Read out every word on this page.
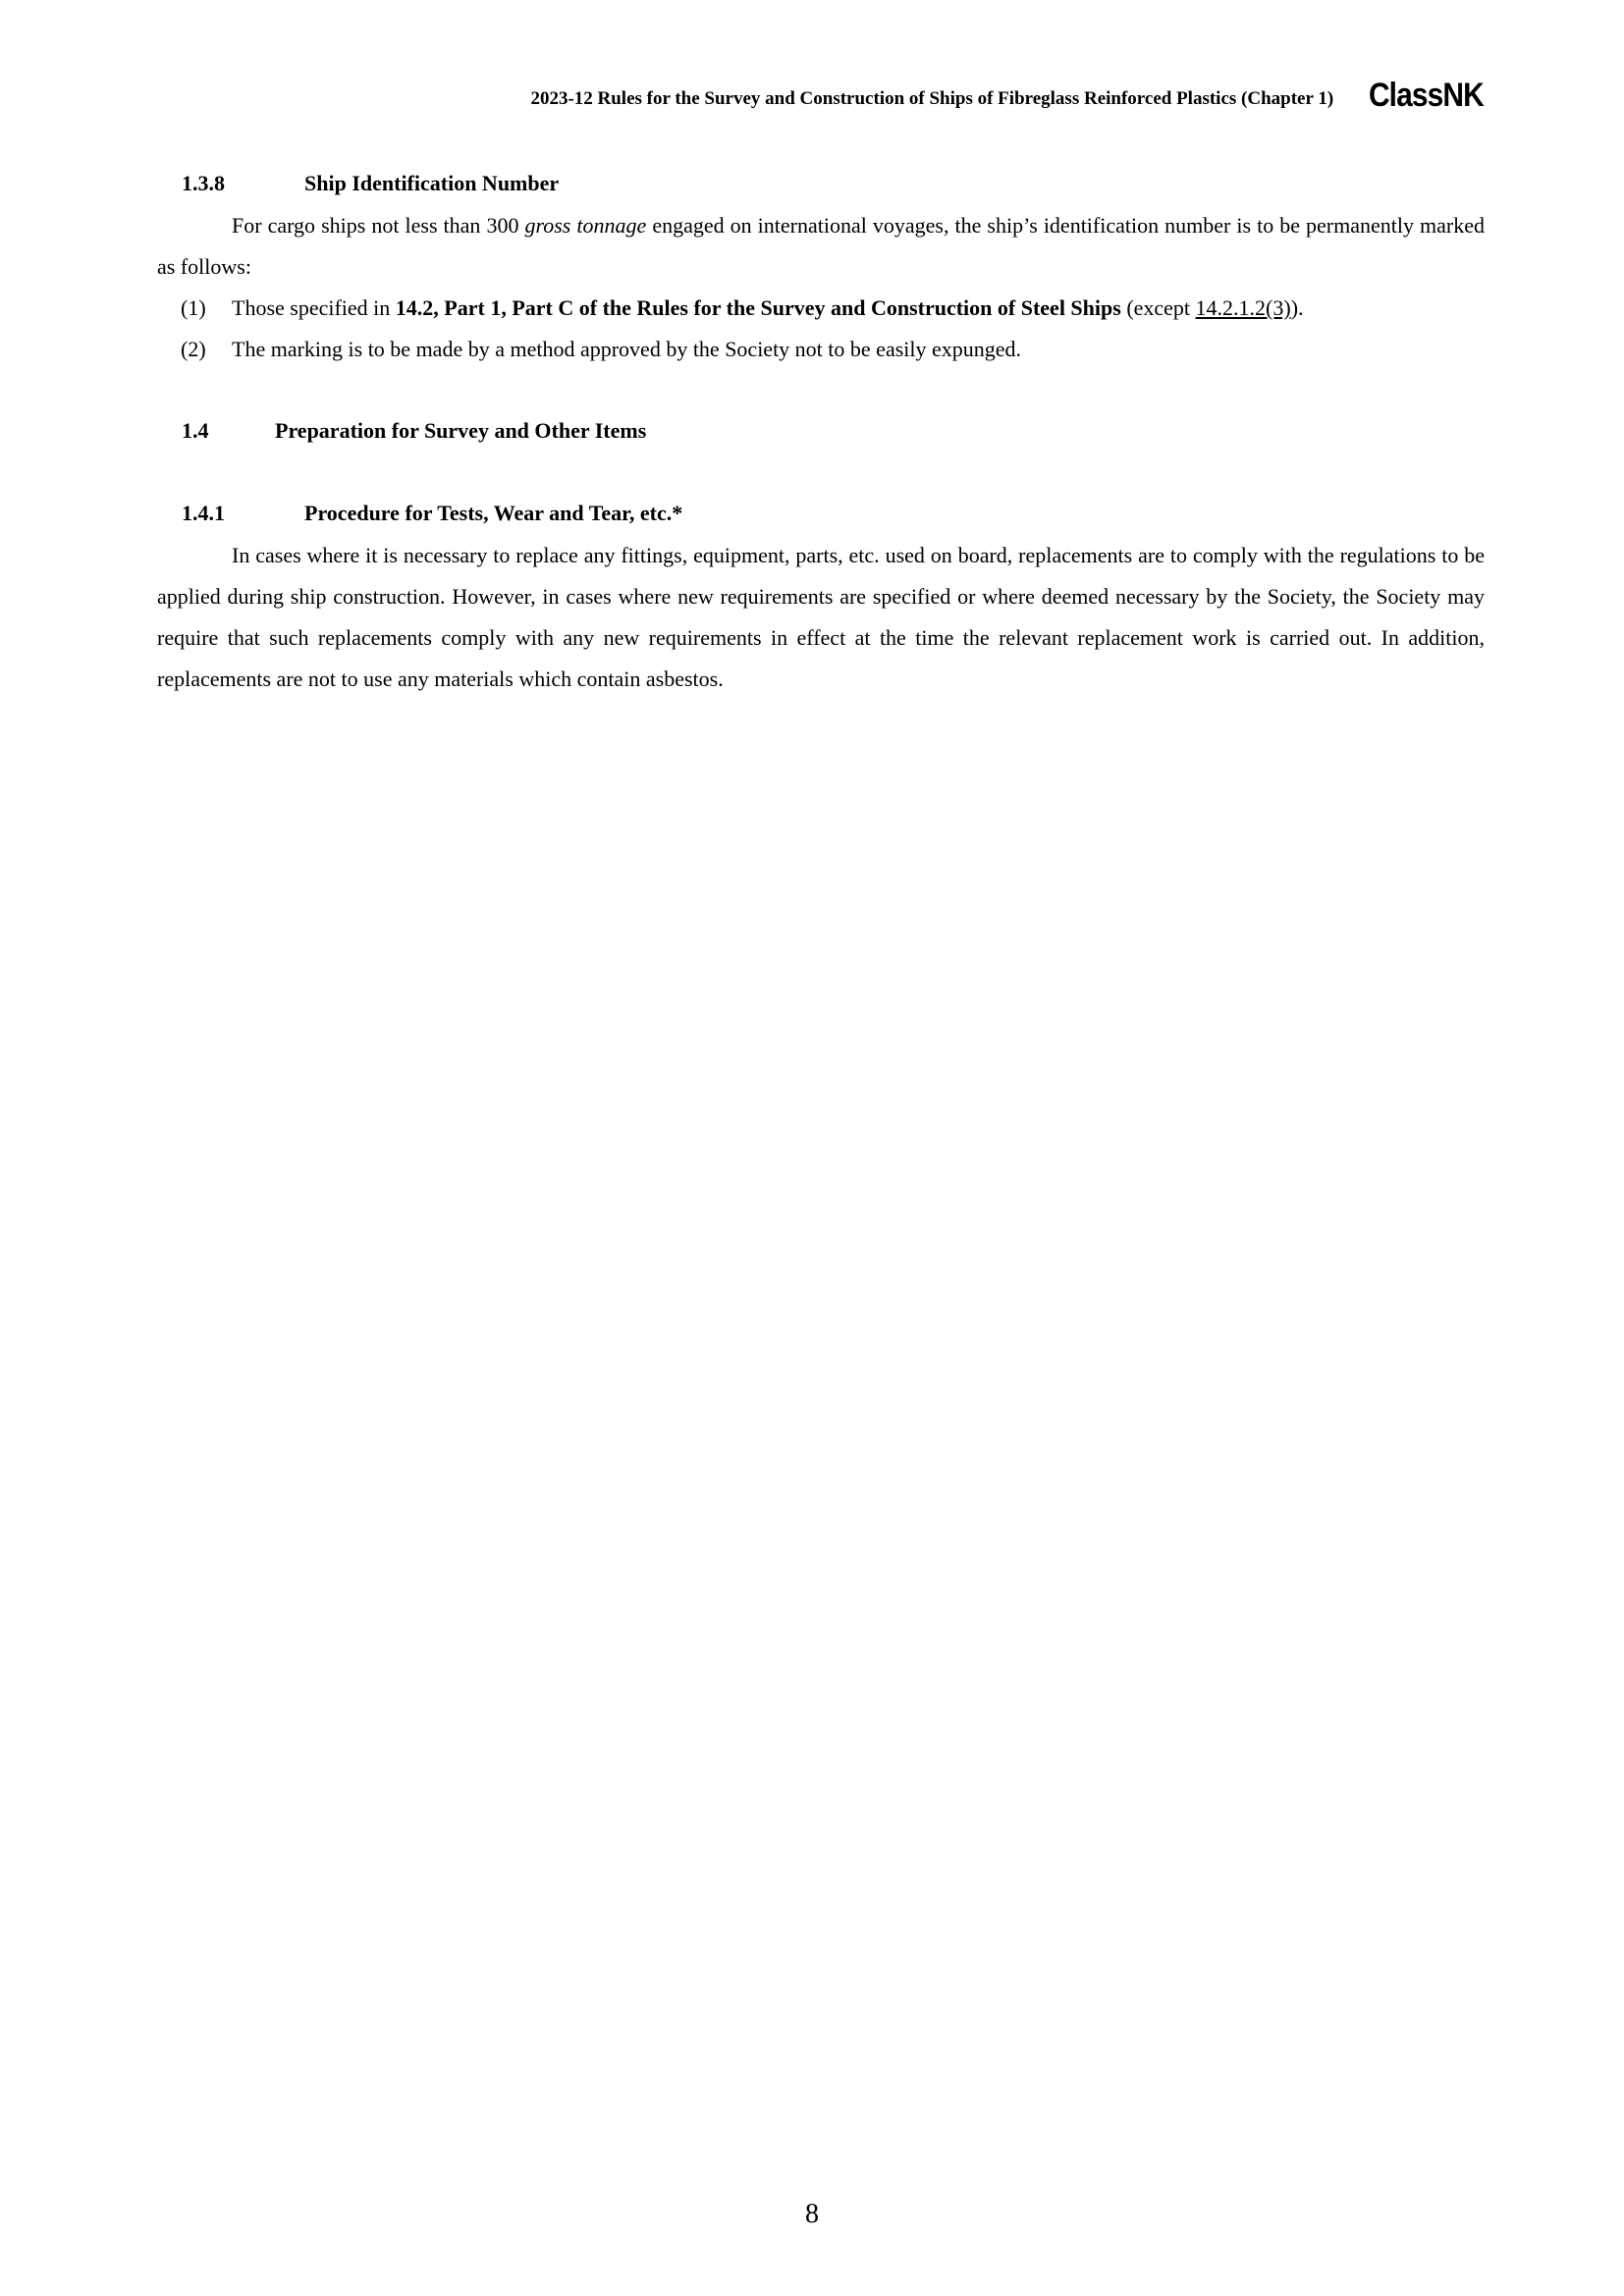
2023-12 Rules for the Survey and Construction of Ships of Fibreglass Reinforced Plastics (Chapter 1) ClassNK
1.3.8	Ship Identification Number
For cargo ships not less than 300 gross tonnage engaged on international voyages, the ship’s identification number is to be permanently marked as follows:
(1) Those specified in 14.2, Part 1, Part C of the Rules for the Survey and Construction of Steel Ships (except 14.2.1.2(3)).
(2) The marking is to be made by a method approved by the Society not to be easily expunged.
1.4	Preparation for Survey and Other Items
1.4.1	Procedure for Tests, Wear and Tear, etc.*
In cases where it is necessary to replace any fittings, equipment, parts, etc. used on board, replacements are to comply with the regulations to be applied during ship construction. However, in cases where new requirements are specified or where deemed necessary by the Society, the Society may require that such replacements comply with any new requirements in effect at the time the relevant replacement work is carried out. In addition, replacements are not to use any materials which contain asbestos.
8
